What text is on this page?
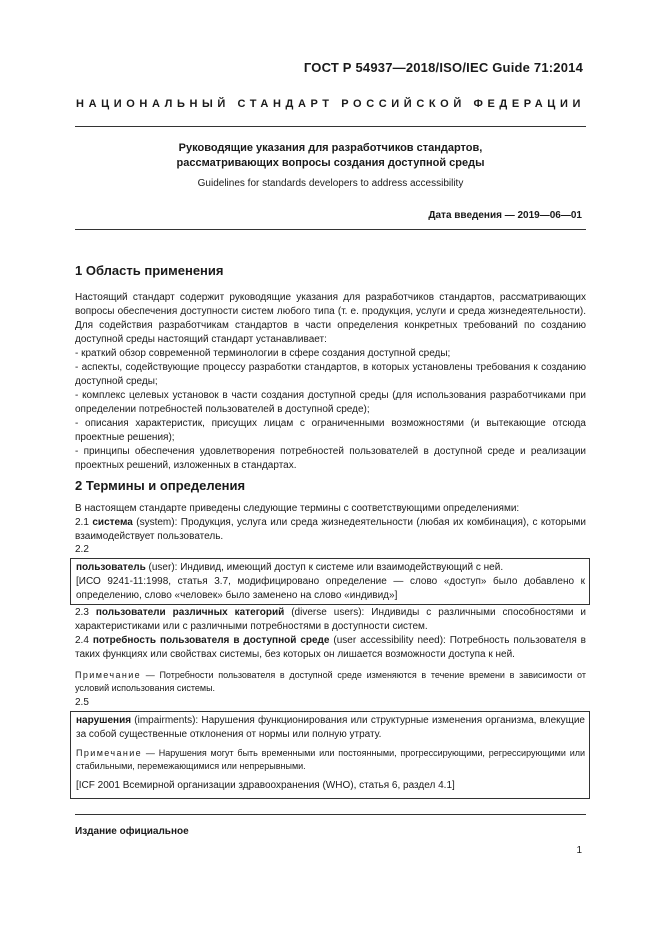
ГОСТ Р 54937—2018/ISO/IEC Guide 71:2014
НАЦИОНАЛЬНЫЙ СТАНДАРТ РОССИЙСКОЙ ФЕДЕРАЦИИ
Руководящие указания для разработчиков стандартов,
рассматривающих вопросы создания доступной среды
Guidelines for standards developers to address accessibility
Дата введения — 2019—06—01
1 Область применения

Настоящий стандарт содержит руководящие указания для разработчиков стандартов, рассматривающих вопросы обеспечения доступности систем любого типа (т. е. продукция, услуги и среда жизнедеятельности). Для содействия разработчикам стандартов в части определения конкретных требований по созданию доступной среды настоящий стандарт устанавливает:

- краткий обзор современной терминологии в сфере создания доступной среды;

- аспекты, содействующие процессу разработки стандартов, в которых установлены требования к созданию доступной среды;

- комплекс целевых установок в части создания доступной среды (для использования разработчиками при определении потребностей пользователей в доступной среде);

- описания характеристик, присущих лицам с ограниченными возможностями (и вытекающие отсюда проектные решения);

- принципы обеспечения удовлетворения потребностей пользователей в доступной среде и реализации проектных решений, изложенных в стандартах.

2 Термины и определения

В настоящем стандарте приведены следующие термины с соответствующими определениями:

2.1 система (system): Продукция, услуга или среда жизнедеятельности (любая их комбинация), с которыми взаимодействует пользователь.

2.2

пользователь (user): Индивид, имеющий доступ к системе или взаимодействующий с ней.

[ИСО 9241-11:1998, статья 3.7, модифицировано определение — слово «доступ» было добавлено к определению, слово «человек» было заменено на слово «индивид»]

2.3 пользователи различных категорий (diverse users): Индивиды с различными способностями и характеристиками или с различными потребностями в доступности систем.

2.4 потребность пользователя в доступной среде (user accessibility need): Потребность пользователя в таких функциях или свойствах системы, без которых он лишается возможности доступа к ней.

Примечание — Потребности пользователя в доступной среде изменяются в течение времени в зависимости от условий использования системы.

2.5

нарушения (impairments): Нарушения функционирования или структурные изменения организма, влекущие за собой существенные отклонения от нормы или полную утрату.

Примечание — Нарушения могут быть временными или постоянными, прогрессирующими, регрессирующими или стабильными, перемежающимися или непрерывными.

[ICF 2001 Всемирной организации здравоохранения (WHO), статья 6, раздел 4.1]

Издание официальное
1
